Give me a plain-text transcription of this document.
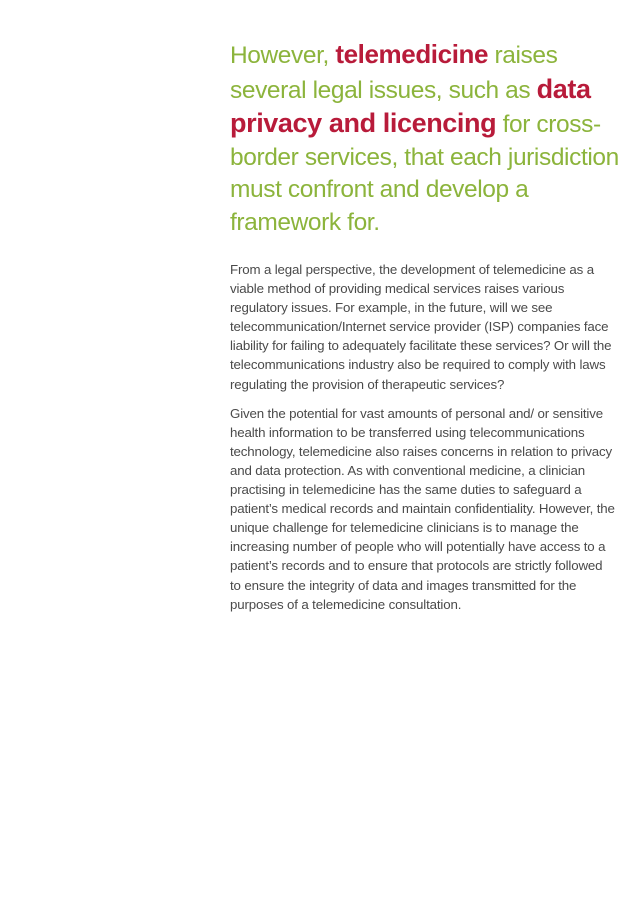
However, telemedicine raises several legal issues, such as data privacy and licencing for cross-border services, that each jurisdiction must confront and develop a framework for.

From a legal perspective, the development of telemedicine as a viable method of providing medical services raises various regulatory issues. For example, in the future, will we see telecommunication/Internet service provider (ISP) companies face liability for failing to adequately facilitate these services? Or will the telecommunications industry also be required to comply with laws regulating the provision of therapeutic services?

Given the potential for vast amounts of personal and/ or sensitive health information to be transferred using telecommunications technology, telemedicine also raises concerns in relation to privacy and data protection. As with conventional medicine, a clinician practising in telemedicine has the same duties to safeguard a patient’s medical records and maintain confidentiality. However, the unique challenge for telemedicine clinicians is to manage the increasing number of people who will potentially have access to a patient’s records and to ensure that protocols are strictly followed to ensure the integrity of data and images transmitted for the purposes of a telemedicine consultation.
